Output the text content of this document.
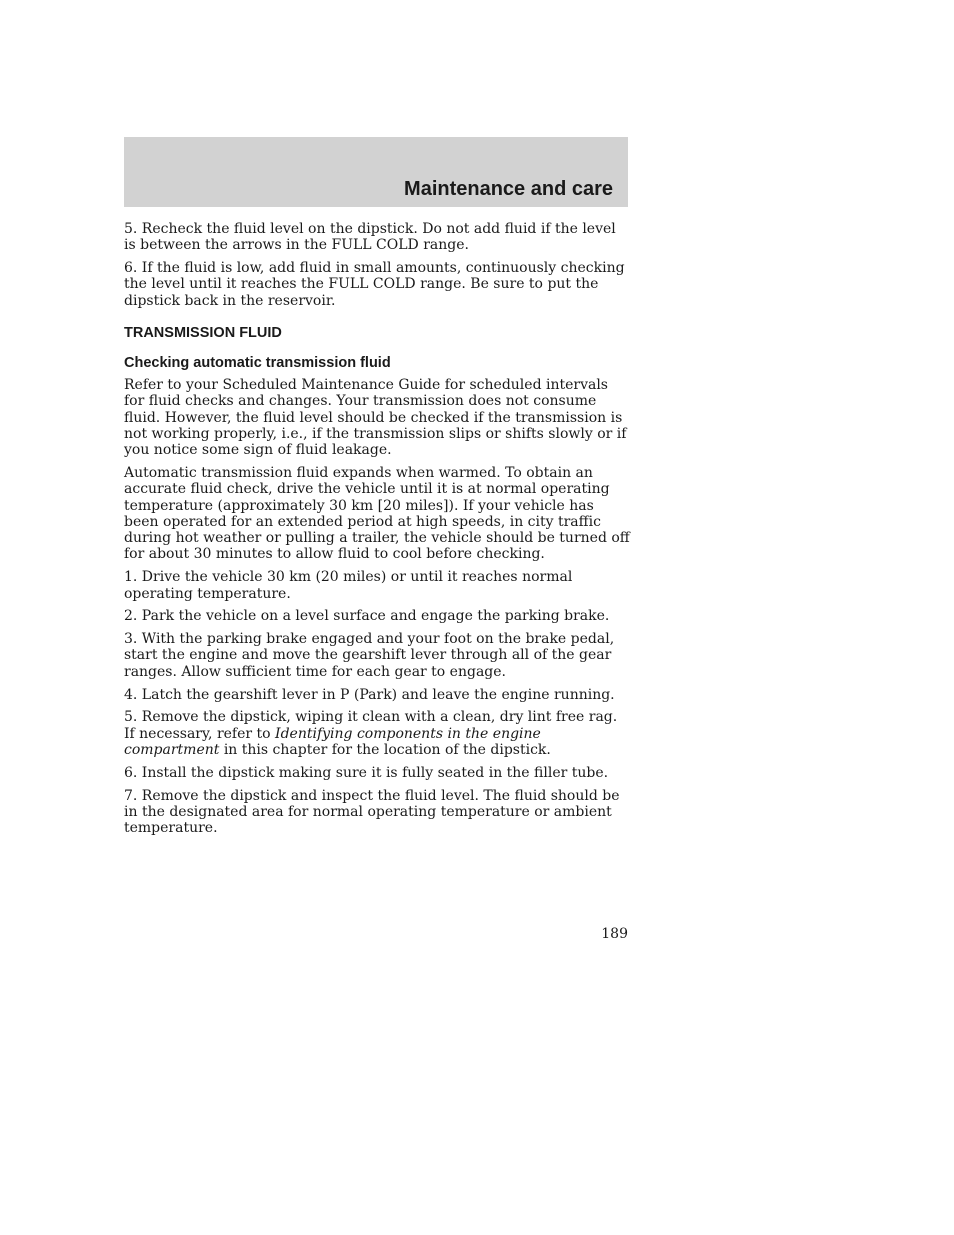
Maintenance and care

5. Recheck the fluid level on the dipstick. Do not add fluid if the level is between the arrows in the FULL COLD range.

6. If the fluid is low, add fluid in small amounts, continuously checking the level until it reaches the FULL COLD range. Be sure to put the dipstick back in the reservoir.

TRANSMISSION FLUID
Checking automatic transmission fluid

Refer to your Scheduled Maintenance Guide for scheduled intervals for fluid checks and changes. Your transmission does not consume fluid. However, the fluid level should be checked if the transmission is not working properly, i.e., if the transmission slips or shifts slowly or if you notice some sign of fluid leakage.

Automatic transmission fluid expands when warmed. To obtain an accurate fluid check, drive the vehicle until it is at normal operating temperature (approximately 30 km [20 miles]). If your vehicle has been operated for an extended period at high speeds, in city traffic during hot weather or pulling a trailer, the vehicle should be turned off for about 30 minutes to allow fluid to cool before checking.

1. Drive the vehicle 30 km (20 miles) or until it reaches normal operating temperature.

2. Park the vehicle on a level surface and engage the parking brake.

3. With the parking brake engaged and your foot on the brake pedal, start the engine and move the gearshift lever through all of the gear ranges. Allow sufficient time for each gear to engage.

4. Latch the gearshift lever in P (Park) and leave the engine running.

5. Remove the dipstick, wiping it clean with a clean, dry lint free rag. If necessary, refer to Identifying components in the engine compartment in this chapter for the location of the dipstick.

6. Install the dipstick making sure it is fully seated in the filler tube.

7. Remove the dipstick and inspect the fluid level. The fluid should be in the designated area for normal operating temperature or ambient temperature.

189
